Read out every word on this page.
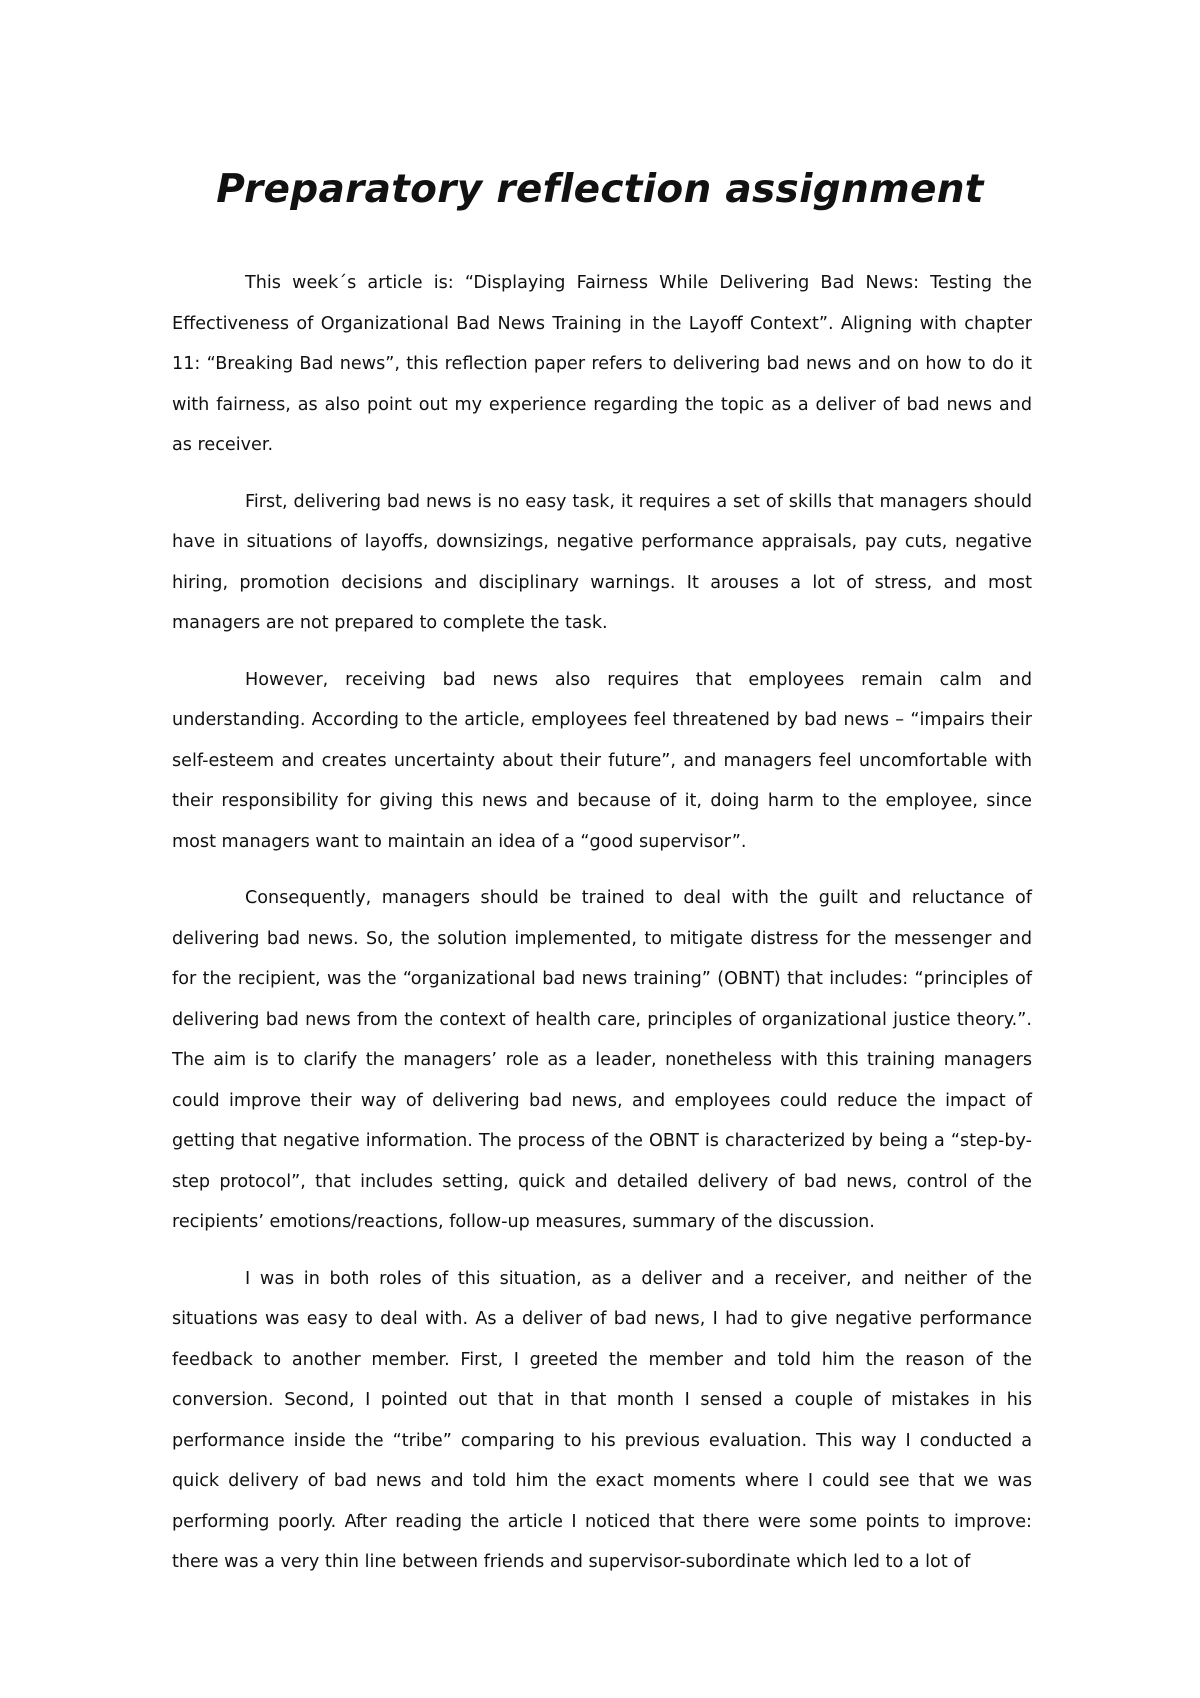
Preparatory reflection assignment

This week´s article is: “Displaying Fairness While Delivering Bad News: Testing the Effectiveness of Organizational Bad News Training in the Layoff Context”. Aligning with chapter 11: “Breaking Bad news”, this reflection paper refers to delivering bad news and on how to do it with fairness, as also point out my experience regarding the topic as a deliver of bad news and as receiver.

First, delivering bad news is no easy task, it requires a set of skills that managers should have in situations of layoffs, downsizings, negative performance appraisals, pay cuts, negative hiring, promotion decisions and disciplinary warnings. It arouses a lot of stress, and most managers are not prepared to complete the task.

However, receiving bad news also requires that employees remain calm and understanding. According to the article, employees feel threatened by bad news – “impairs their self-esteem and creates uncertainty about their future”, and managers feel uncomfortable with their responsibility for giving this news and because of it, doing harm to the employee, since most managers want to maintain an idea of a “good supervisor”.

Consequently, managers should be trained to deal with the guilt and reluctance of delivering bad news. So, the solution implemented, to mitigate distress for the messenger and for the recipient, was the “organizational bad news training” (OBNT) that includes: “principles of delivering bad news from the context of health care, principles of organizational justice theory.”. The aim is to clarify the managers’ role as a leader, nonetheless with this training managers could improve their way of delivering bad news, and employees could reduce the impact of getting that negative information. The process of the OBNT is characterized by being a “step-by-step protocol”, that includes setting, quick and detailed delivery of bad news, control of the recipients’ emotions/reactions, follow-up measures, summary of the discussion.

I was in both roles of this situation, as a deliver and a receiver, and neither of the situations was easy to deal with. As a deliver of bad news, I had to give negative performance feedback to another member. First, I greeted the member and told him the reason of the conversion. Second, I pointed out that in that month I sensed a couple of mistakes in his performance inside the “tribe” comparing to his previous evaluation. This way I conducted a quick delivery of bad news and told him the exact moments where I could see that we was performing poorly. After reading the article I noticed that there were some points to improve: there was a very thin line between friends and supervisor-subordinate which led to a lot of
